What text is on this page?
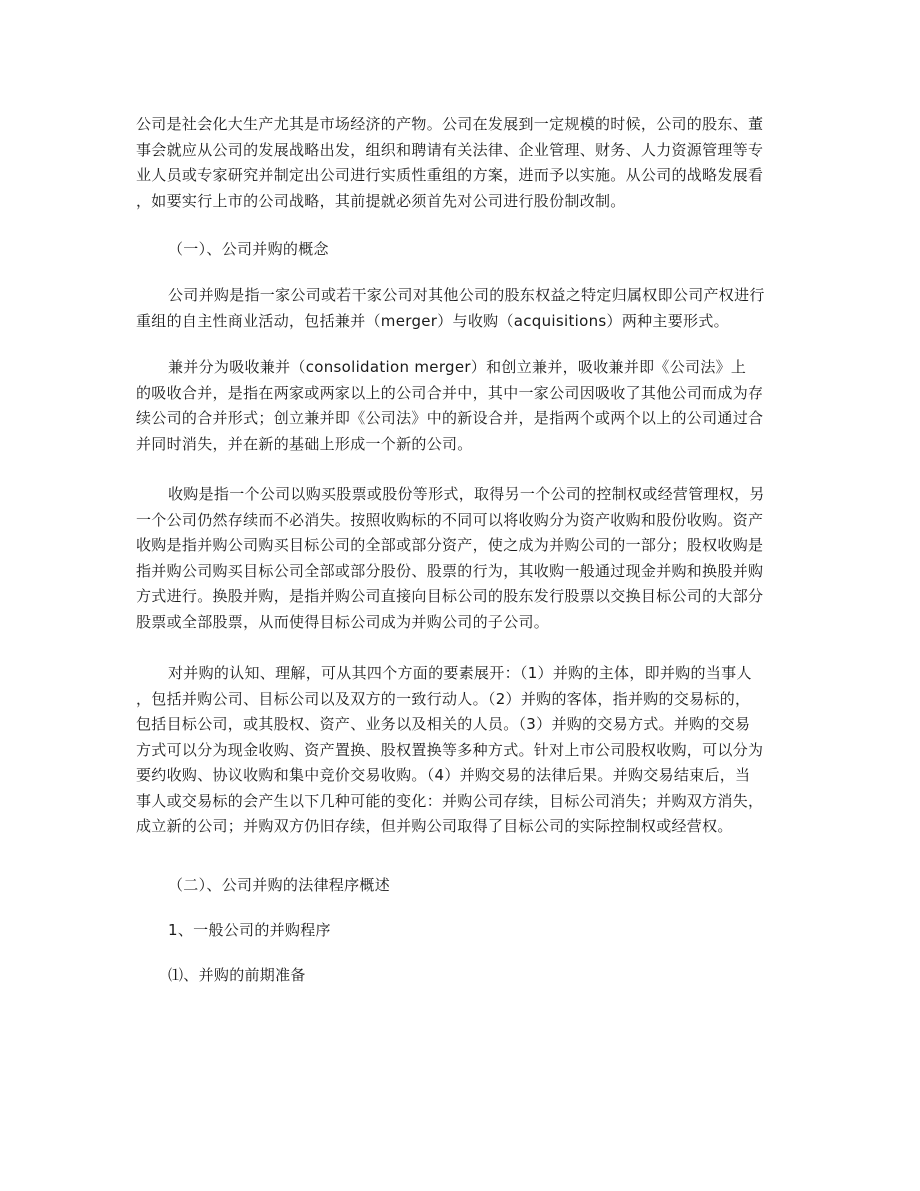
公司是社会化大生产尤其是市场经济的产物。公司在发展到一定规模的时候，公司的股东、董
事会就应从公司的发展战略出发，组织和聘请有关法律、企业管理、财务、人力资源管理等专
业人员或专家研究并制定出公司进行实质性重组的方案，进而予以实施。从公司的战略发展看
，如要实行上市的公司战略，其前提就必须首先对公司进行股份制改制。
（一）、公司并购的概念
公司并购是指一家公司或若干家公司对其他公司的股东权益之特定归属权即公司产权进行
重组的自主性商业活动，包括兼并（merger）与收购（acquisitions）两种主要形式。
兼并分为吸收兼并（consolidation merger）和创立兼并，吸收兼并即《公司法》上
的吸收合并，是指在两家或两家以上的公司合并中，其中一家公司因吸收了其他公司而成为存
续公司的合并形式；创立兼并即《公司法》中的新设合并，是指两个或两个以上的公司通过合
并同时消失，并在新的基础上形成一个新的公司。
收购是指一个公司以购买股票或股份等形式，取得另一个公司的控制权或经营管理权，另
一个公司仍然存续而不必消失。按照收购标的不同可以将收购分为资产收购和股份收购。资产
收购是指并购公司购买目标公司的全部或部分资产，使之成为并购公司的一部分；股权收购是
指并购公司购买目标公司全部或部分股份、股票的行为，其收购一般通过现金并购和换股并购
方式进行。换股并购，是指并购公司直接向目标公司的股东发行股票以交换目标公司的大部分
股票或全部股票，从而使得目标公司成为并购公司的子公司。
对并购的认知、理解，可从其四个方面的要素展开：（1）并购的主体，即并购的当事人
，包括并购公司、目标公司以及双方的一致行动人。（2）并购的客体，指并购的交易标的，
包括目标公司，或其股权、资产、业务以及相关的人员。（3）并购的交易方式。并购的交易
方式可以分为现金收购、资产置换、股权置换等多种方式。针对上市公司股权收购，可以分为
要约收购、协议收购和集中竞价交易收购。（4）并购交易的法律后果。并购交易结束后，当
事人或交易标的会产生以下几种可能的变化：并购公司存续，目标公司消失；并购双方消失，
成立新的公司；并购双方仍旧存续，但并购公司取得了目标公司的实际控制权或经营权。
（二）、公司并购的法律程序概述
1、一般公司的并购程序
⑴、并购的前期准备
